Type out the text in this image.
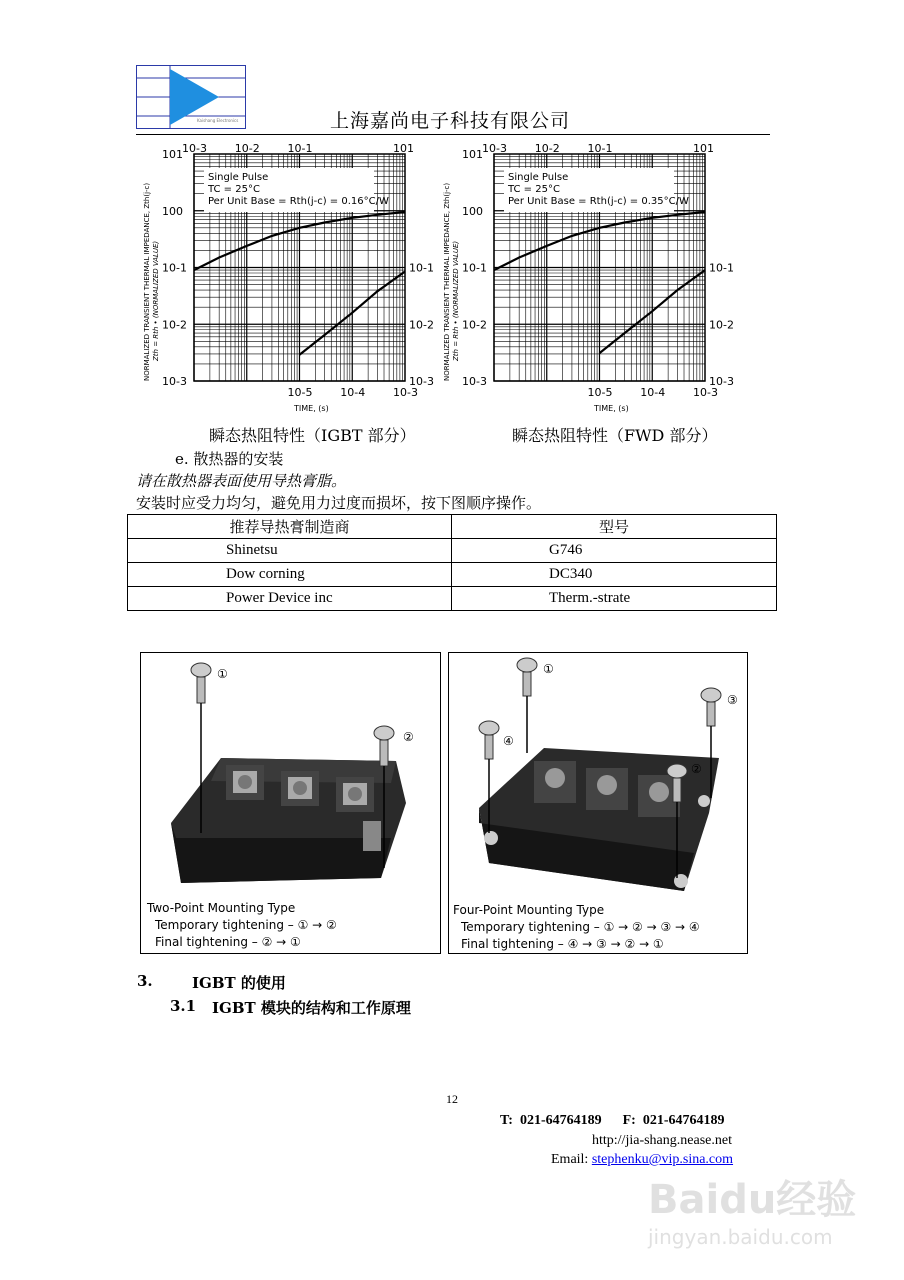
Kaishang Electronics	上海嘉尚电子科技有限公司
Single Pulse
TC = 25°C
Per Unit Base = Rth(j-c) = 0.16°C/W
10-3	10-2	10-1	101
101
100
10-1
10-2
10-3
10-1
10-2
10-3
10-5	10-4	10-3
TIME, (s)
NORMALIZED TRANSIENT THERMAL IMPEDANCE, Zth(j-c) Zth = Rth • (NORMALIZED VALUE)
Single Pulse
TC = 25°C
Per Unit Base = Rth(j-c) = 0.35°C/W
10-3	10-2	10-1	101
101
100
10-1
10-2
10-3
10-1
10-2
10-3
10-5	10-4	10-3
TIME, (s)
NORMALIZED TRANSIENT THERMAL IMPEDANCE, Zth(j-c) Zth = Rth • (NORMALIZED VALUE)
瞬态热阻特性（IGBT 部分）	瞬态热阻特性（FWD 部分）
e. 散热器的安装
请在散热器表面使用导热膏脂。
安装时应受力均匀，避免用力过度而损坏，按下图顺序操作。
推荐导热膏制造商	型号

Shinetsu	G746

Dow corning	DC340

Power Device inc	Therm.-strate
①
②
Two-Point Mounting Type
Temporary tightening – ① → ②
Final tightening – ② → ①
①
②
③
④
Four-Point Mounting Type
Temporary tightening – ① → ② → ③ → ④
Final tightening – ④ → ③ → ② → ①
3.	IGBT 的使用
3.1 IGBT 模块的结构和工作原理
12
T:  021-64764189      F:  021-64764189
http://jia-shang.nease.net
Email: stephenku@vip.sina.com
Baidu经验
jingyan.baidu.com
